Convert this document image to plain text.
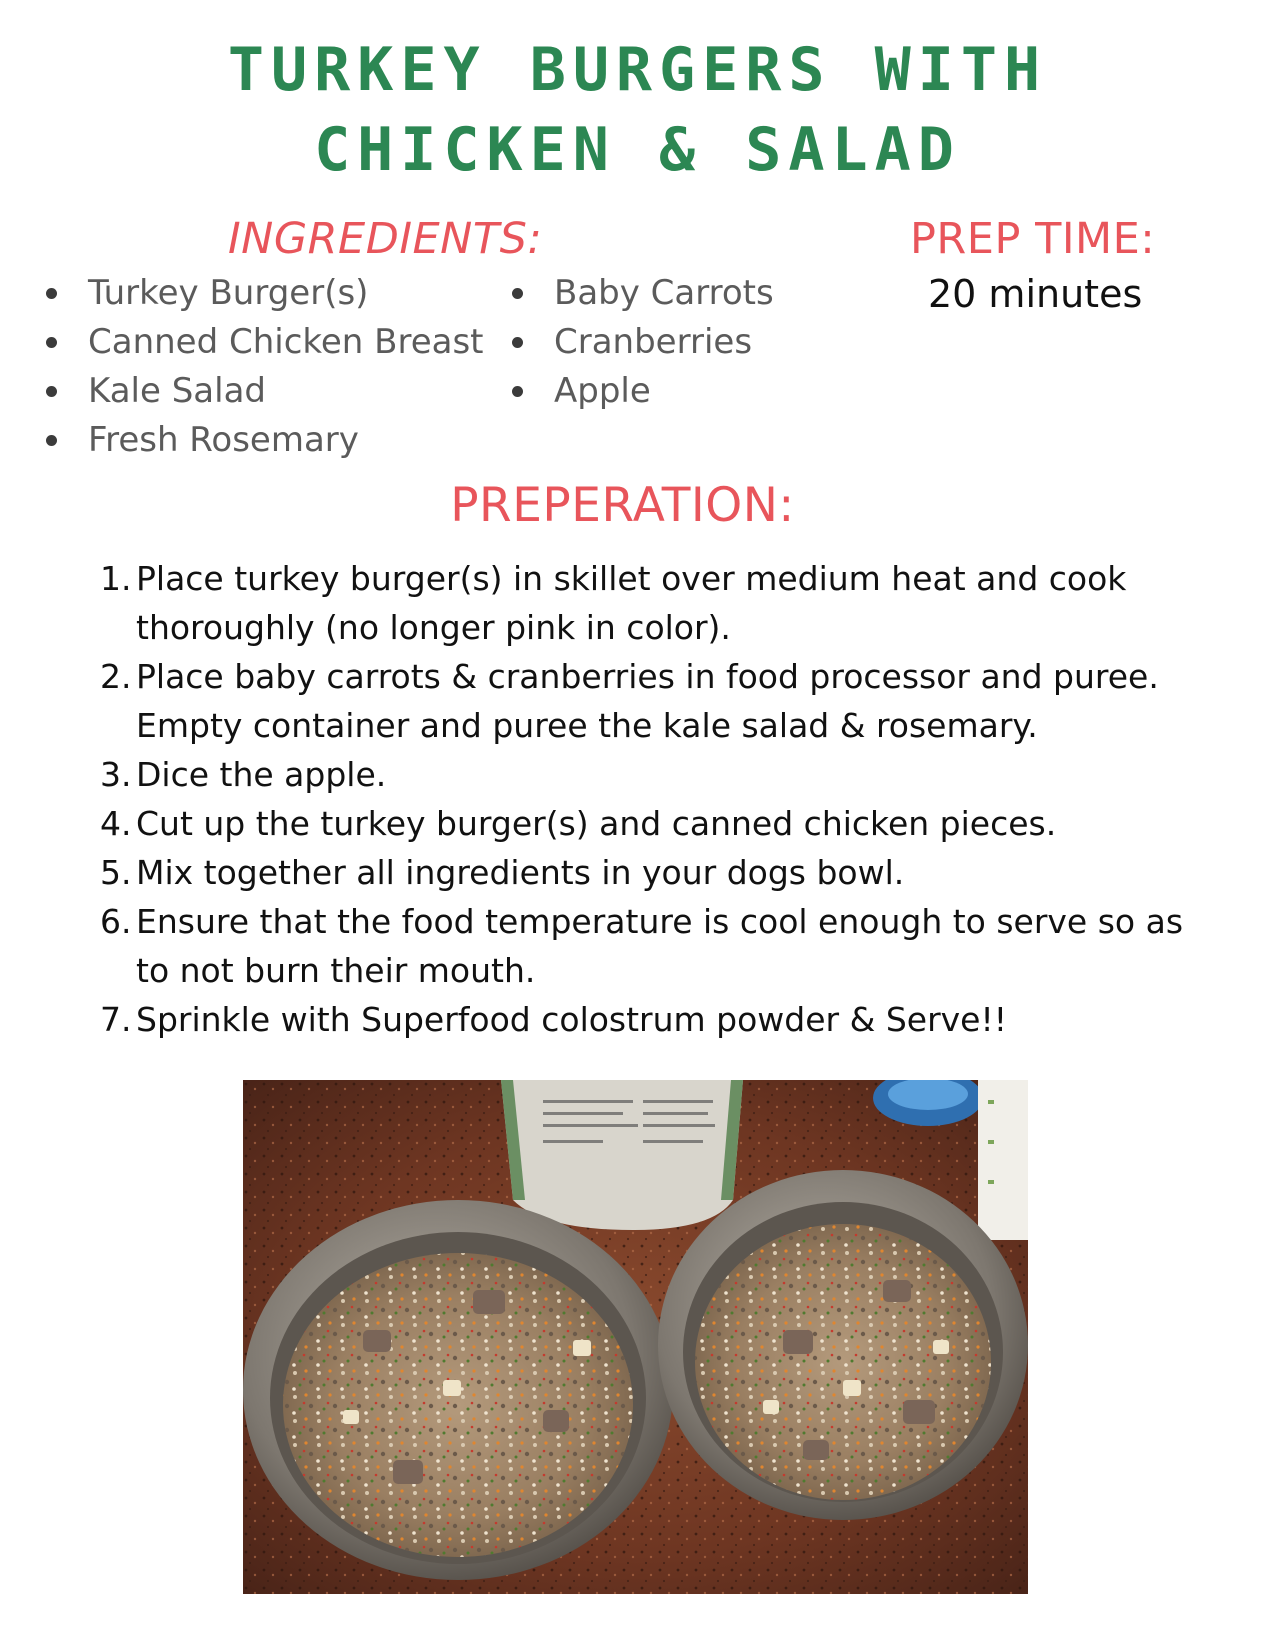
TURKEY BURGERS WITH
CHICKEN & SALAD
INGREDIENTS:	PREP TIME:
20 minutes
Turkey Burger(s)
Canned Chicken Breast
Kale Salad
Fresh Rosemary
Baby Carrots
Cranberries
Apple
PREPERATION:
1. Place turkey burger(s) in skillet over medium heat and cook thoroughly (no longer pink in color).
2. Place baby carrots & cranberries in food processor and puree. Empty container and puree the kale salad & rosemary.
3. Dice the apple.
4. Cut up the turkey burger(s) and canned chicken pieces.
5. Mix together all ingredients in your dogs bowl.
6. Ensure that the food temperature is cool enough to serve so as to not burn their mouth.
7. Sprinkle with Superfood colostrum powder & Serve!!
